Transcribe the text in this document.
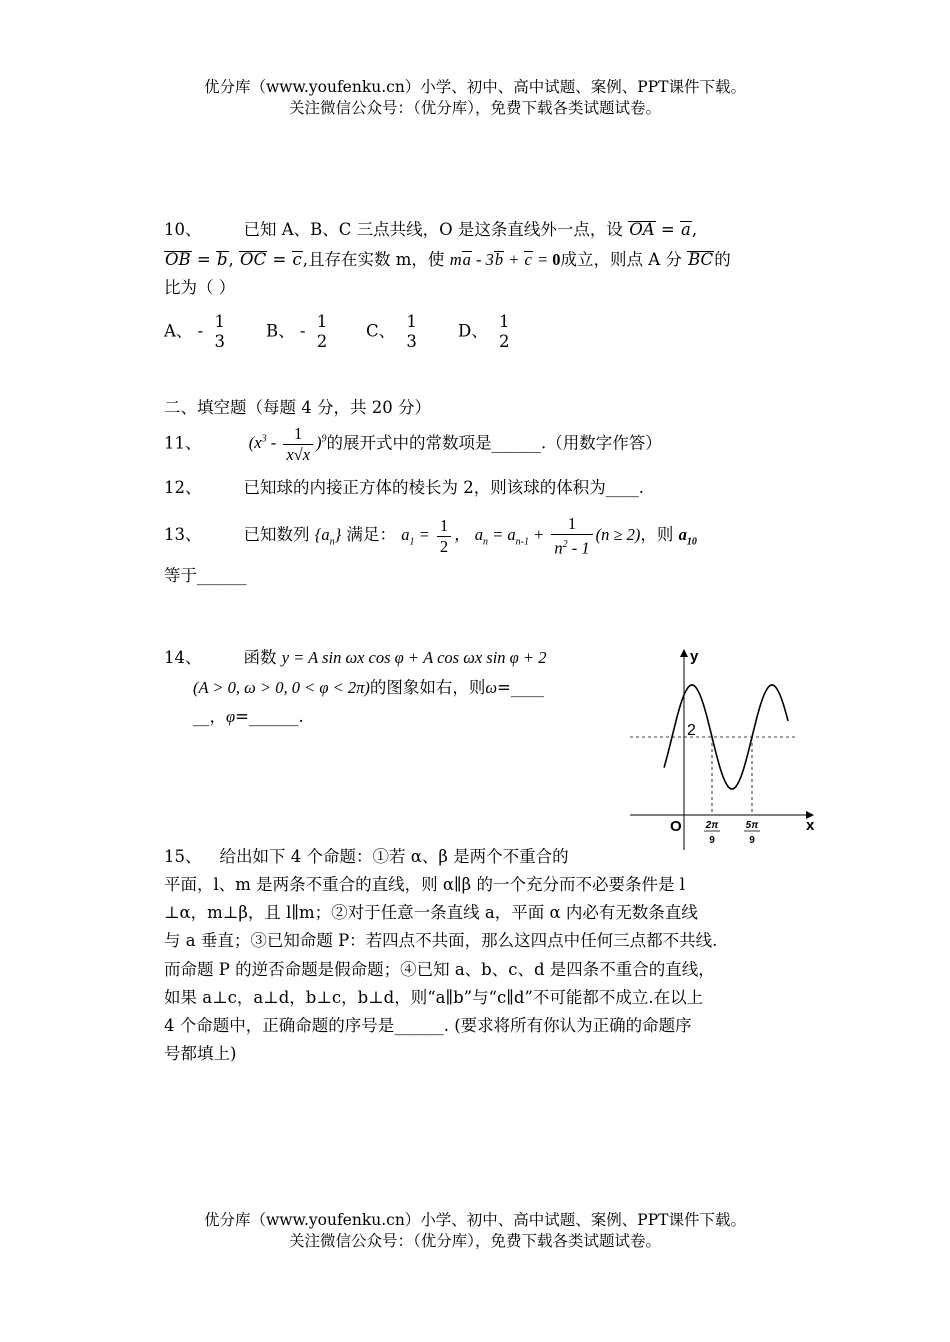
优分库（www.youfenku.cn）小学、初中、高中试题、案例、PPT课件下载。
关注微信公众号：（优分库），免费下载各类试题试卷。
10、	已知 A、B、C 三点共线，O 是这条直线外一点，设 OA = a,
OB = b, OC = c,且存在实数 m，使 ma - 3b + c = 0成立，则点 A 分 BC的
比为（ ）
A、 - 1
3
B、 - 1
2
C、 1
3
D、 1
2
二、填空题（每题 4 分，共 20 分）
11、	$(x^3 - \frac{1}{x√x} )^9$的展开式中的常数项是______.（用数字作答）
12、	已知球的内接正方体的棱长为 2，则该球的体积为____.
13、	已知数列 $\{a_n\}$ 满足： $a_1 = \frac{1}{2}$ ， $a_n = a_{n-1} + \frac{1}{n^2 - 1} (n \ge 2)$，则 $a_{10}$
等于______
14、	函数 y = A sin ωx cos φ + A cos ωx sin φ + 2
(A > 0, ω > 0, 0 < φ < 2π)的图象如右，则ω=____
__，φ=______.
y
x
O
2
2π
9
5π
9
15、 给出如下 4 个命题：①若 α、β 是两个不重合的
平面，l、m 是两条不重合的直线，则 α∥β 的一个充分而不必要条件是 l
⊥α，m⊥β，且 l∥m；②对于任意一条直线 a，平面 α 内必有无数条直线
与 a 垂直；③已知命题 P：若四点不共面，那么这四点中任何三点都不共线.
而命题 P 的逆否命题是假命题；④已知 a、b、c、d 是四条不重合的直线，
如果 a⊥c，a⊥d，b⊥c，b⊥d，则“a∥b”与“c∥d”不可能都不成立.在以上
4 个命题中，正确命题的序号是______. (要求将所有你认为正确的命题序
号都填上)
优分库（www.youfenku.cn）小学、初中、高中试题、案例、PPT课件下载。
关注微信公众号：（优分库），免费下载各类试题试卷。
